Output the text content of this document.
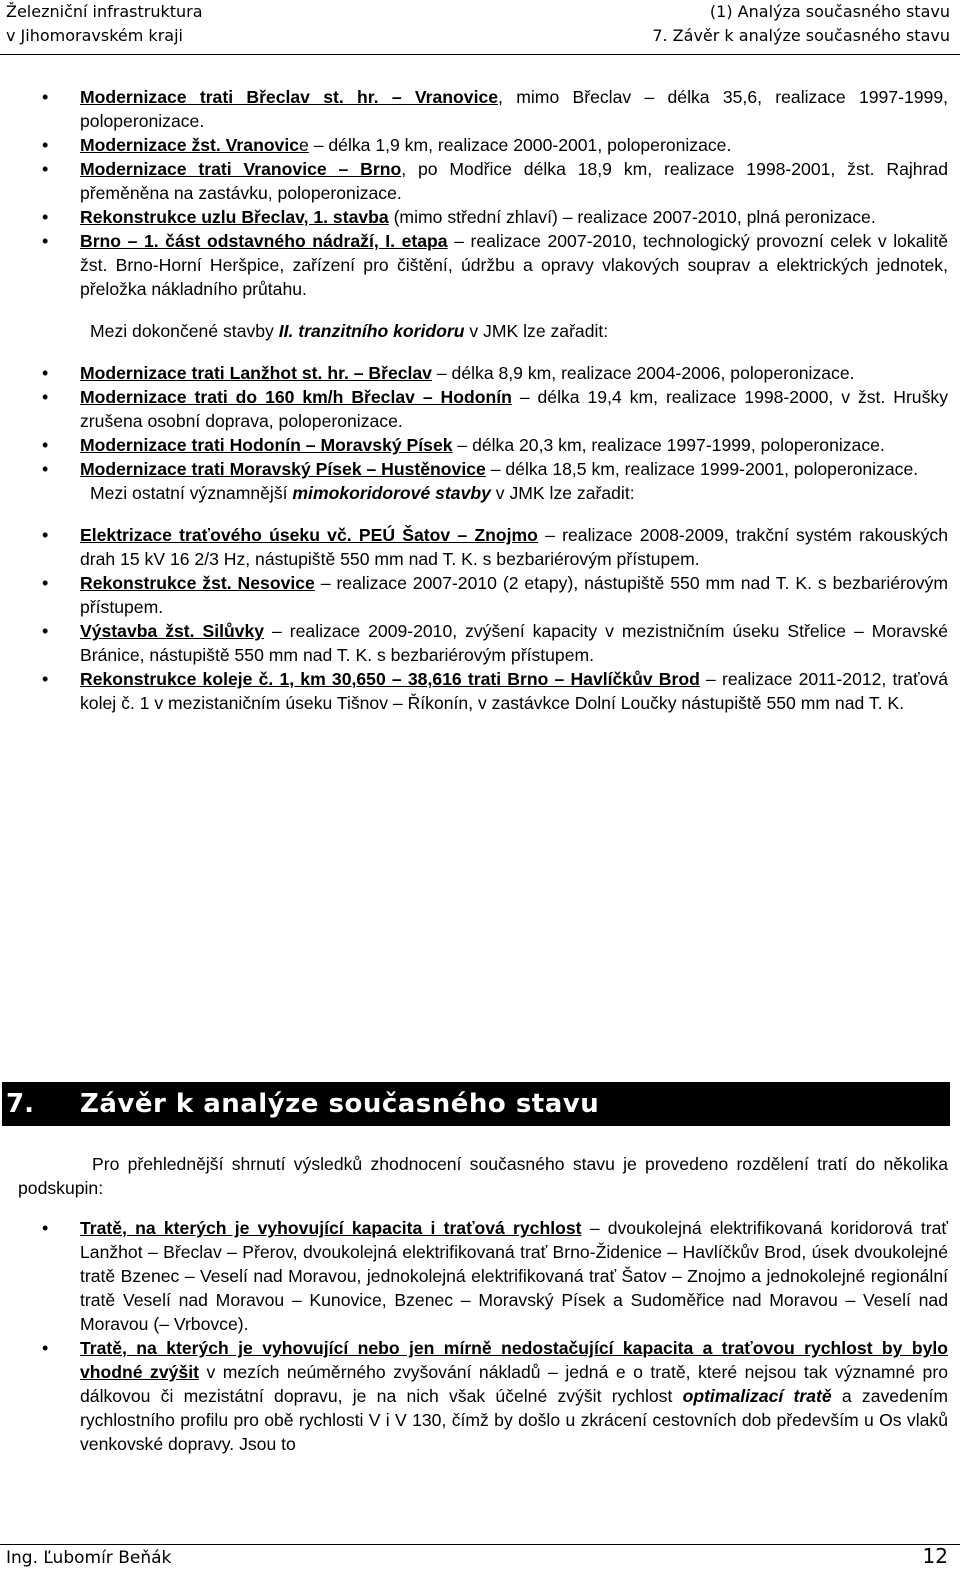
Železniční infrastruktura
v Jihomoravském kraji
(1) Analýza současného stavu
7. Závěr k analýze současného stavu
• Modernizace trati Břeclav st. hr. – Vranovice, mimo Břeclav – délka 35,6, realizace 1997-1999, poloperonizace.
• Modernizace žst. Vranovice – délka 1,9 km, realizace 2000-2001, poloperonizace.
• Modernizace trati Vranovice – Brno, po Modřice délka 18,9 km, realizace 1998-2001, žst. Rajhrad přeměněna na zastávku, poloperonizace.
• Rekonstrukce uzlu Břeclav, 1. stavba (mimo střední zhlaví) – realizace 2007-2010, plná peronizace.
• Brno – 1. část odstavného nádraží, I. etapa – realizace 2007-2010, technologický provozní celek v lokalitě žst. Brno-Horní Heršpice, zařízení pro čištění, údržbu a opravy vlakových souprav a elektrických jednotek, přeložka nákladního průtahu.

Mezi dokončené stavby II. tranzitního koridoru v JMK lze zařadit:

• Modernizace trati Lanžhot st. hr. – Břeclav – délka 8,9 km, realizace 2004-2006, poloperonizace.
• Modernizace trati do 160 km/h Břeclav – Hodonín – délka 19,4 km, realizace 1998-2000, v žst. Hrušky zrušena osobní doprava, poloperonizace.
• Modernizace trati Hodonín – Moravský Písek – délka 20,3 km, realizace 1997-1999, poloperonizace.
• Modernizace trati Moravský Písek – Hustěnovice – délka 18,5 km, realizace 1999-2001, poloperonizace.

Mezi ostatní významnější mimokoridorové stavby v JMK lze zařadit:

• Elektrizace traťového úseku vč. PEÚ Šatov – Znojmo – realizace 2008-2009, trakční systém rakouských drah 15 kV 16 2/3 Hz, nástupiště 550 mm nad T. K. s bezbariérovým přístupem.
• Rekonstrukce žst. Nesovice – realizace 2007-2010 (2 etapy), nástupiště 550 mm nad T. K. s bezbariérovým přístupem.
• Výstavba žst. Silůvky – realizace 2009-2010, zvýšení kapacity v mezistničním úseku Střelice – Moravské Bránice, nástupiště 550 mm nad T. K. s bezbariérovým přístupem.
• Rekonstrukce koleje č. 1, km 30,650 – 38,616 trati Brno – Havlíčkův Brod – realizace 2011-2012, traťová kolej č. 1 v mezistaničním úseku Tišnov – Říkonín, v zastávkce Dolní Loučky nástupiště 550 mm nad T. K.
7. Závěr k analýze současného stavu

Pro přehlednější shrnutí výsledků zhodnocení současného stavu je provedeno rozdělení tratí do několika podskupin:

• Tratě, na kterých je vyhovující kapacita i traťová rychlost – dvoukolejná elektrifikovaná koridorová trať Lanžhot – Břeclav – Přerov, dvoukolejná elektrifikovaná trať Brno-Židenice – Havlíčkův Brod, úsek dvoukolejné tratě Bzenec – Veselí nad Moravou, jednokolejná elektrifikovaná trať Šatov – Znojmo a jednokolejné regionální tratě Veselí nad Moravou – Kunovice, Bzenec – Moravský Písek a Sudoměřice nad Moravou – Veselí nad Moravou (– Vrbovce).
• Tratě, na kterých je vyhovující nebo jen mírně nedostačující kapacita a traťovou rychlost by bylo vhodné zvýšit v mezích neúměrného zvyšování nákladů – jedná e o tratě, které nejsou tak významné pro dálkovou či mezistátní dopravu, je na nich však účelné zvýšit rychlost optimalizací tratě a zavedením rychlostního profilu pro obě rychlosti V i V 130, čímž by došlo u zkrácení cestovních dob především u Os vlaků venkovské dopravy. Jsou to
Ing. Ľubomír Beňák	12
